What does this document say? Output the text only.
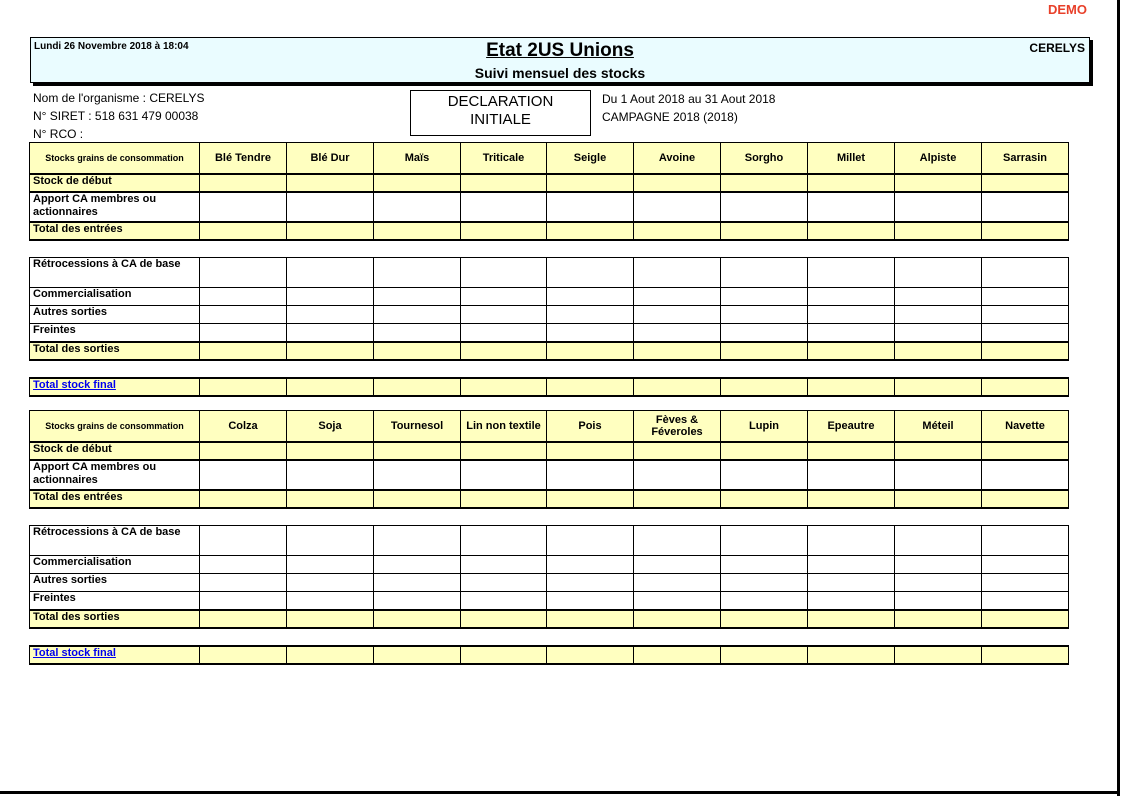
DEMO
Lundi 26 Novembre 2018 à 18:04	Etat 2US Unions
Suivi mensuel des stocks
CERELYS
Nom de l'organisme : CERELYS
N° SIRET : 518 631 479 00038
N° RCO :
DECLARATION
INITIALE
Du 1 Aout 2018 au 31 Aout 2018
CAMPAGNE 2018 (2018)
Stocks grains de consommation	Blé Tendre	Blé Dur	Maïs	Triticale	Seigle	Avoine	Sorgho	Millet	Alpiste	Sarrasin
Stock de début										

Apport CA membres ou
actionnaires										

Total des entrées										

Rétrocessions à CA de base										
Commercialisation										
Autres sorties										
Freintes										
Total des sorties										

Total stock final										
Stocks grains de consommation	Colza	Soja	Tournesol	Lin non textile	Pois	Fèves & Féveroles	Lupin	Epeautre	Méteil	Navette
Stock de début										

Apport CA membres ou
actionnaires										

Total des entrées										

Rétrocessions à CA de base										
Commercialisation										
Autres sorties										
Freintes										
Total des sorties										

Total stock final										
